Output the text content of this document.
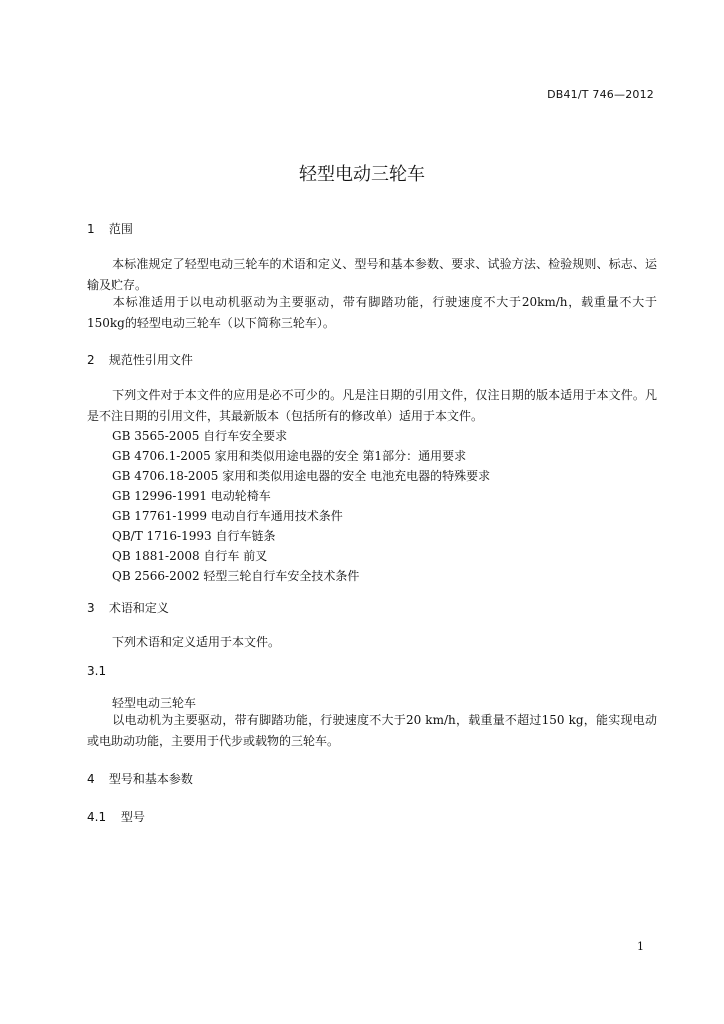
DB41/T 746—2012
轻型电动三轮车
1 范围
本标准规定了轻型电动三轮车的术语和定义、型号和基本参数、要求、试验方法、检验规则、标志、运输及贮存。
本标准适用于以电动机驱动为主要驱动，带有脚踏功能，行驶速度不大于20km/h，载重量不大于150kg的轻型电动三轮车（以下简称三轮车）。
2 规范性引用文件
下列文件对于本文件的应用是必不可少的。凡是注日期的引用文件，仅注日期的版本适用于本文件。凡是不注日期的引用文件，其最新版本（包括所有的修改单）适用于本文件。
GB 3565-2005 自行车安全要求
GB 4706.1-2005 家用和类似用途电器的安全 第1部分：通用要求
GB 4706.18-2005 家用和类似用途电器的安全 电池充电器的特殊要求
GB 12996-1991 电动轮椅车
GB 17761-1999 电动自行车通用技术条件
QB/T 1716-1993 自行车链条
QB 1881-2008 自行车 前叉
QB 2566-2002 轻型三轮自行车安全技术条件
3 术语和定义
下列术语和定义适用于本文件。
3.1
轻型电动三轮车
以电动机为主要驱动，带有脚踏功能，行驶速度不大于20 km/h，载重量不超过150 kg，能实现电动或电助动功能，主要用于代步或载物的三轮车。
4 型号和基本参数
4.1 型号
1
